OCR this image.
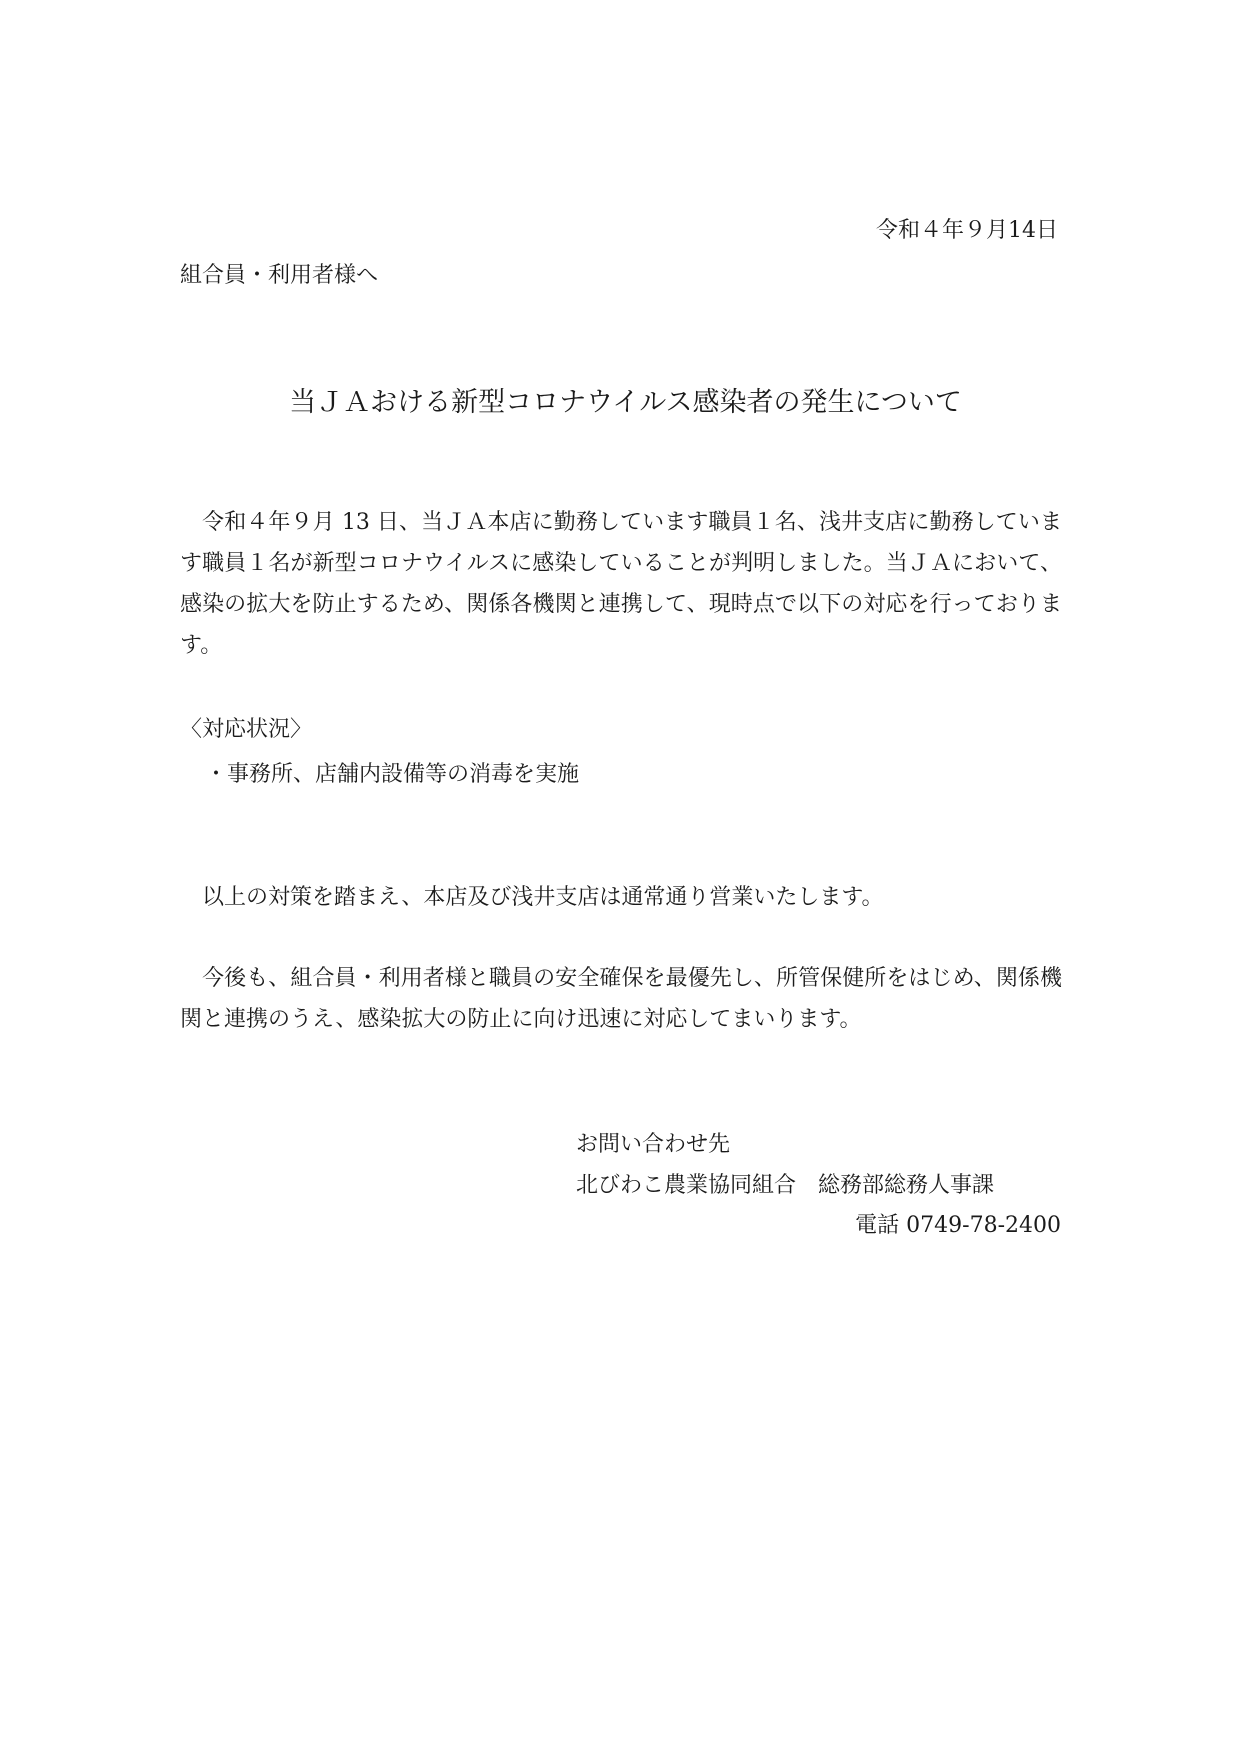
令和４年９月14日
組合員・利用者様へ
当ＪＡおける新型コロナウイルス感染者の発生について
　令和４年９月 13 日、当ＪＡ本店に勤務しています職員１名、浅井支店に勤務しています職員１名が新型コロナウイルスに感染していることが判明しました。当ＪＡにおいて、感染の拡大を防止するため、関係各機関と連携して、現時点で以下の対応を行っております。
〈対応状況〉
・事務所、店舗内設備等の消毒を実施
　以上の対策を踏まえ、本店及び浅井支店は通常通り営業いたします。
　今後も、組合員・利用者様と職員の安全確保を最優先し、所管保健所をはじめ、関係機関と連携のうえ、感染拡大の防止に向け迅速に対応してまいります。
お問い合わせ先
北びわこ農業協同組合　総務部総務人事課
電話 0749-78-2400
